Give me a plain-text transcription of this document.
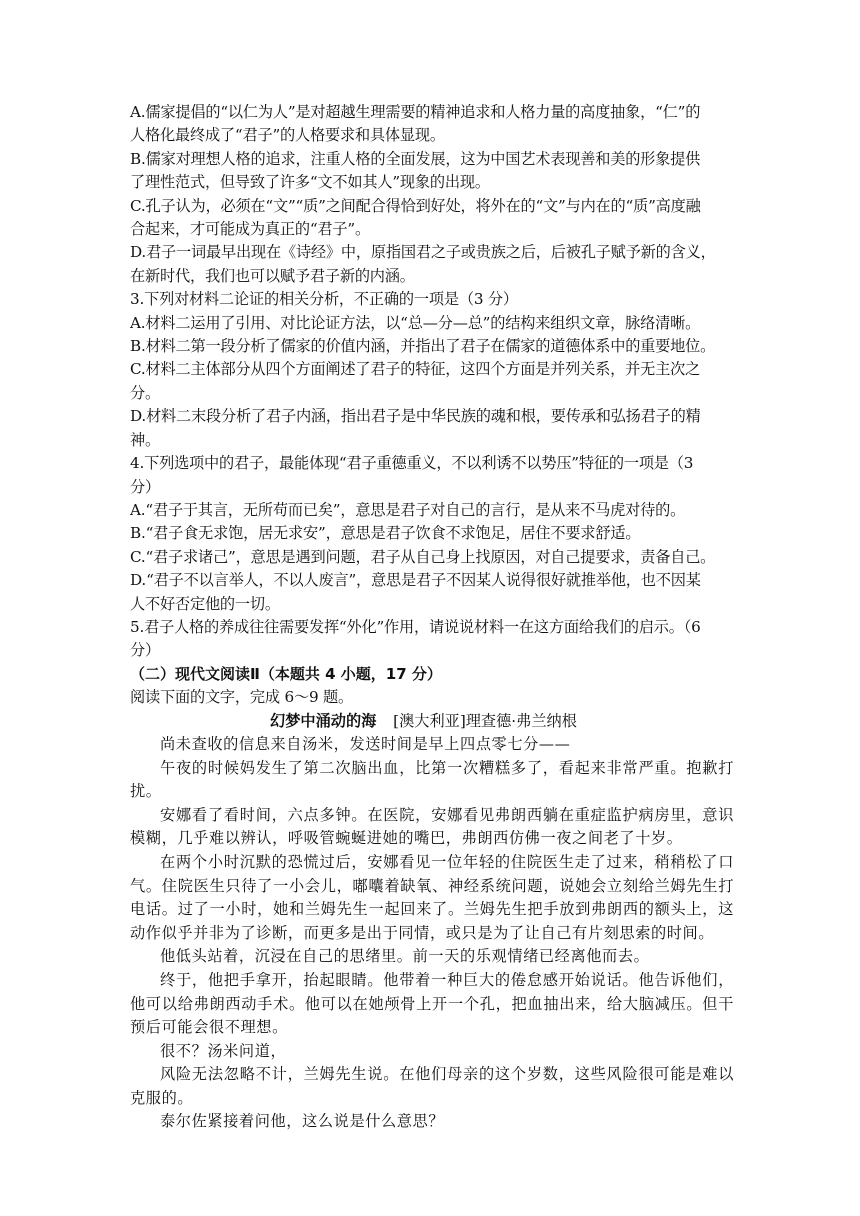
A.儒家提倡的“以仁为人”是对超越生理需要的精神追求和人格力量的高度抽象，“仁”的
人格化最终成了“君子”的人格要求和具体显现。
B.儒家对理想人格的追求，注重人格的全面发展，这为中国艺术表现善和美的形象提供
了理性范式，但导致了许多“文不如其人”现象的出现。
C.孔子认为，必须在“文”“质”之间配合得恰到好处，将外在的“文”与内在的“质”高度融
合起来，才可能成为真正的“君子”。
D.君子一词最早出现在《诗经》中，原指国君之子或贵族之后，后被孔子赋予新的含义，
在新时代，我们也可以赋予君子新的内涵。
3.下列对材料二论证的相关分析，不正确的一项是（3 分）
A.材料二运用了引用、对比论证方法，以“总—分—总”的结构来组织文章，脉络清晰。
B.材料二第一段分析了儒家的价值内涵，并指出了君子在儒家的道德体系中的重要地位。
C.材料二主体部分从四个方面阐述了君子的特征，这四个方面是并列关系，并无主次之
分。
D.材料二末段分析了君子内涵，指出君子是中华民族的魂和根，要传承和弘扬君子的精
神。
4.下列选项中的君子，最能体现“君子重德重义，不以利诱不以势压”特征的一项是（3
分）
A.“君子于其言，无所苟而已矣”，意思是君子对自己的言行，是从来不马虎对待的。
B.“君子食无求饱，居无求安”，意思是君子饮食不求饱足，居住不要求舒适。
C.“君子求诸己”，意思是遇到问题，君子从自己身上找原因，对自己提要求，责备自己。
D.“君子不以言举人，不以人废言”，意思是君子不因某人说得很好就推举他，也不因某
人不好否定他的一切。
5.君子人格的养成往往需要发挥“外化”作用，请说说材料一在这方面给我们的启示。（6
分）
（二）现代文阅读Ⅱ（本题共 4 小题，17 分）
阅读下面的文字，完成 6～9 题。
幻梦中涌动的海 [澳大利亚]理查德·弗兰纳根

尚未查收的信息来自汤米，发送时间是早上四点零七分——

午夜的时候妈发生了第二次脑出血，比第一次糟糕多了，看起来非常严重。抱歉打扰。

安娜看了看时间，六点多钟。在医院，安娜看见弗朗西躺在重症监护病房里，意识模糊，几乎难以辨认，呼吸管蜿蜒进她的嘴巴，弗朗西仿佛一夜之间老了十岁。

在两个小时沉默的恐慌过后，安娜看见一位年轻的住院医生走了过来，稍稍松了口气。住院医生只待了一小会儿，嘟囔着缺氧、神经系统问题，说她会立刻给兰姆先生打电话。过了一小时，她和兰姆先生一起回来了。兰姆先生把手放到弗朗西的额头上，这动作似乎并非为了诊断，而更多是出于同情，或只是为了让自己有片刻思索的时间。

他低头站着，沉浸在自己的思绪里。前一天的乐观情绪已经离他而去。

终于，他把手拿开，抬起眼睛。他带着一种巨大的倦怠感开始说话。他告诉他们，他可以给弗朗西动手术。他可以在她颅骨上开一个孔，把血抽出来，给大脑减压。但干预后可能会很不理想。

很不？汤米问道，

风险无法忽略不计，兰姆先生说。在他们母亲的这个岁数，这些风险很可能是难以克服的。

泰尔佐紧接着问他，这么说是什么意思？
